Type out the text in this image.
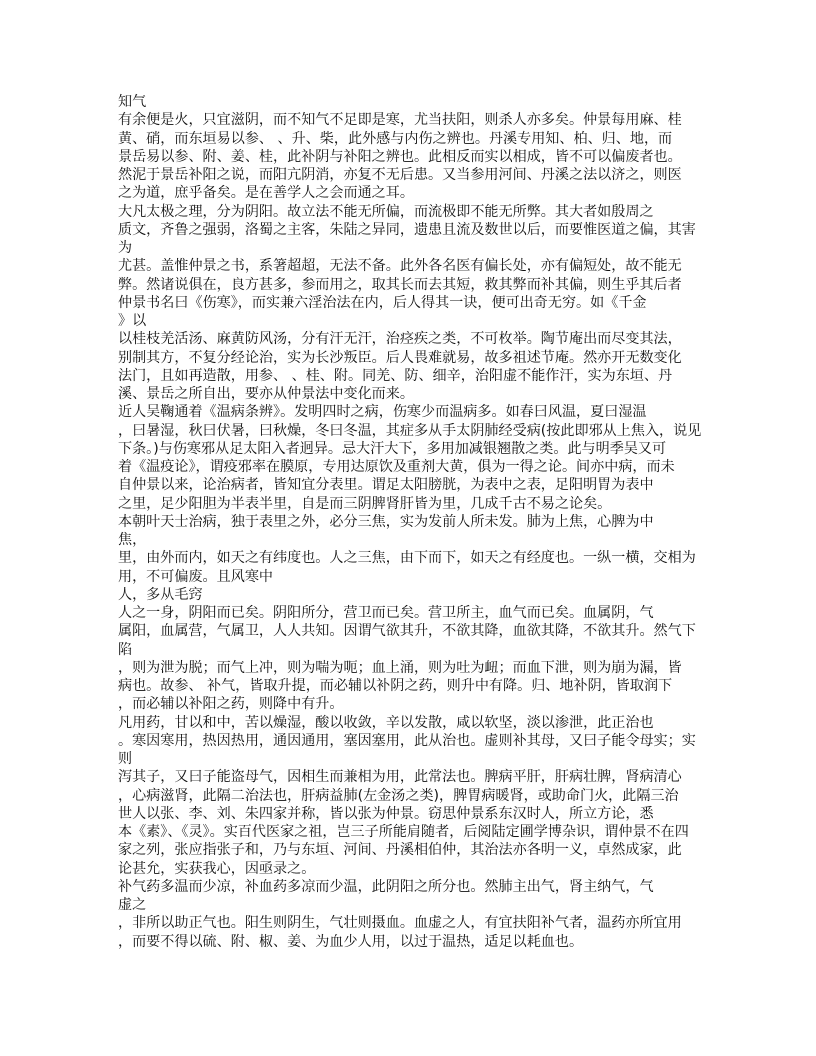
知气
有余便是火，只宜滋阴，而不知气不足即是寒，尤当扶阳，则杀人亦多矣。仲景每用麻、桂
黄、硝，而东垣易以参、 、升、柴，此外感与内伤之辨也。丹溪专用知、柏、归、地，而
景岳易以参、附、姜、桂，此补阴与补阳之辨也。此相反而实以相成，皆不可以偏废者也。
然泥于景岳补阳之说，而阳亢阴消，亦复不无后患。又当参用河间、丹溪之法以济之，则医
之为道，庶乎备矣。是在善学人之会而通之耳。
大凡太极之理，分为阴阳。故立法不能无所偏，而流极即不能无所弊。其大者如殷周之
质文，齐鲁之强弱，洛蜀之主客，朱陆之异同，遗患且流及数世以后，而要惟医道之偏，其害
为
尤甚。盖惟仲景之书，系箸超超，无法不备。此外各名医有偏长处，亦有偏短处，故不能无
弊。然诸说俱在，良方甚多，参而用之，取其长而去其短，救其弊而补其偏，则生乎其后者
仲景书名曰《伤寒》，而实兼六淫治法在内，后人得其一诀，便可出奇无穷。如《千金
》以
以桂枝羌活汤、麻黄防风汤，分有汗无汗，治痉疾之类，不可枚举。陶节庵出而尽变其法，
别制其方，不复分经论治，实为长沙叛臣。后人畏难就易，故多祖述节庵。然亦开无数变化
法门，且如再造散，用参、 、桂、附。同羌、防、细辛，治阳虚不能作汗，实为东垣、丹
溪、景岳之所自出，要亦从仲景法中变化而来。
近人吴鞠通着《温病条辨》。发明四时之病，伤寒少而温病多。如春曰风温，夏曰湿温
，曰暑湿，秋曰伏暑，曰秋燥，冬曰冬温，其症多从手太阴肺经受病(按此即邪从上焦入，说见
下条。)与伤寒邪从足太阳入者迥异。忌大汗大下，多用加减银翘散之类。此与明季吴又可
着《温疫论》，谓疫邪率在膜原，专用达原饮及重剂大黄，俱为一得之论。间亦中病，而未
自仲景以来，论治病者，皆知宜分表里。谓足太阳膀胱，为表中之表，足阳明胃为表中
之里，足少阳胆为半表半里，自是而三阴脾肾肝皆为里，几成千古不易之论矣。
本朝叶天士治病，独于表里之外，必分三焦，实为发前人所未发。肺为上焦，心脾为中
焦，
里，由外而内，如天之有纬度也。人之三焦，由下而下，如天之有经度也。一纵一横，交相为
用，不可偏废。且风寒中
人，多从毛窍
人之一身，阴阳而已矣。阴阳所分，营卫而已矣。营卫所主，血气而已矣。血属阴，气
属阳，血属营，气属卫，人人共知。因谓气欲其升，不欲其降，血欲其降，不欲其升。然气下
陷
，则为泄为脱；而气上冲，则为喘为呃；血上涌，则为吐为衄；而血下泄，则为崩为漏，皆
病也。故参、 补气，皆取升提，而必辅以补阴之药，则升中有降。归、地补阴，皆取润下
，而必辅以补阳之药，则降中有升。
凡用药，甘以和中，苦以燥湿，酸以收敛，辛以发散，咸以软坚，淡以渗泄，此正治也
。寒因寒用，热因热用，通因通用，塞因塞用，此从治也。虚则补其母，又曰子能令母实；实
则
泻其子，又曰子能盗母气，因相生而兼相为用，此常法也。脾病平肝，肝病壮脾，肾病清心
，心病滋肾，此隔二治法也，肝病益肺(左金汤之类)，脾胃病暖肾，或助命门火，此隔三治
世人以张、李、刘、朱四家并称，皆以张为仲景。窃思仲景系东汉时人，所立方论，悉
本《素》、《灵》。实百代医家之祖，岂三子所能肩随者，后阅陆定圃学博杂识，谓仲景不在四
家之列，张应指张子和，乃与东垣、河间、丹溪相伯仲，其治法亦各明一义，卓然成家，此
论甚允，实获我心，因亟录之。
补气药多温而少凉，补血药多凉而少温，此阴阳之所分也。然肺主出气，肾主纳气，气
虚之
，非所以助正气也。阳生则阴生，气壮则摄血。血虚之人，有宜扶阳补气者，温药亦所宜用
，而要不得以硫、附、椒、姜、为血少人用，以过于温热，适足以耗血也。
